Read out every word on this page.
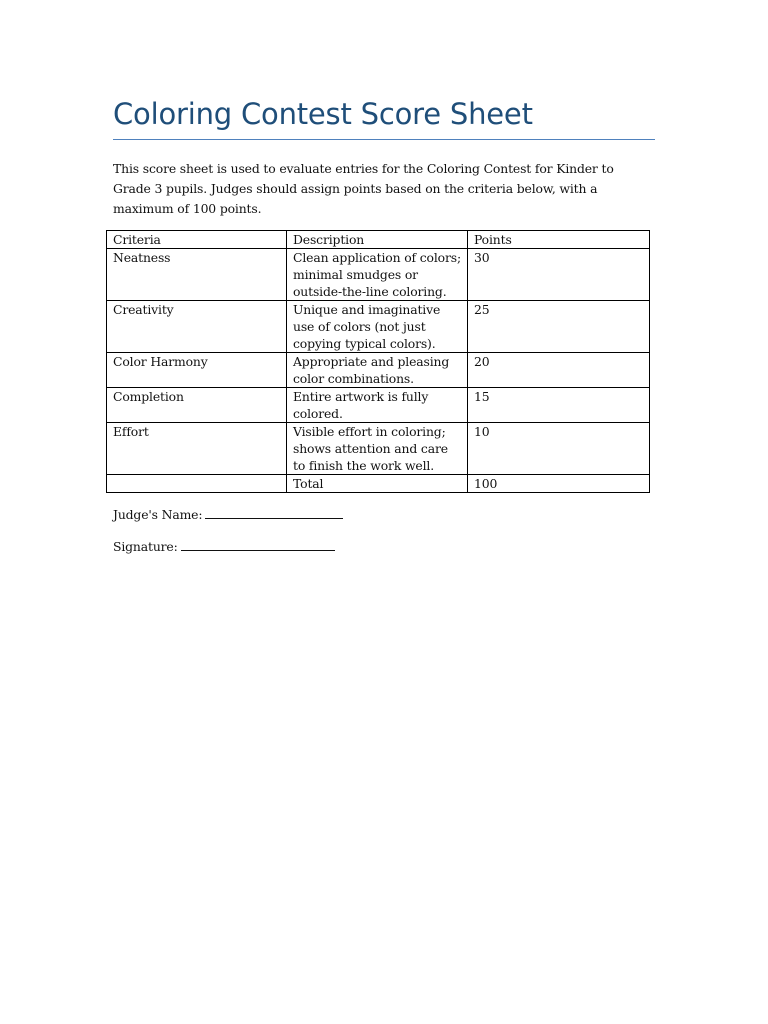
Coloring Contest Score Sheet

This score sheet is used to evaluate entries for the Coloring Contest for Kinder to Grade 3 pupils. Judges should assign points based on the criteria below, with a maximum of 100 points.

Criteria	Description	Points
Neatness	Clean application of colors; minimal smudges or outside-the-line coloring.	30
Creativity	Unique and imaginative use of colors (not just copying typical colors).	25
Color Harmony	Appropriate and pleasing color combinations.	20
Completion	Entire artwork is fully colored.	15
Effort	Visible effort in coloring; shows attention and care to finish the work well.	10
	Total	100

Judge's Name:

Signature:
